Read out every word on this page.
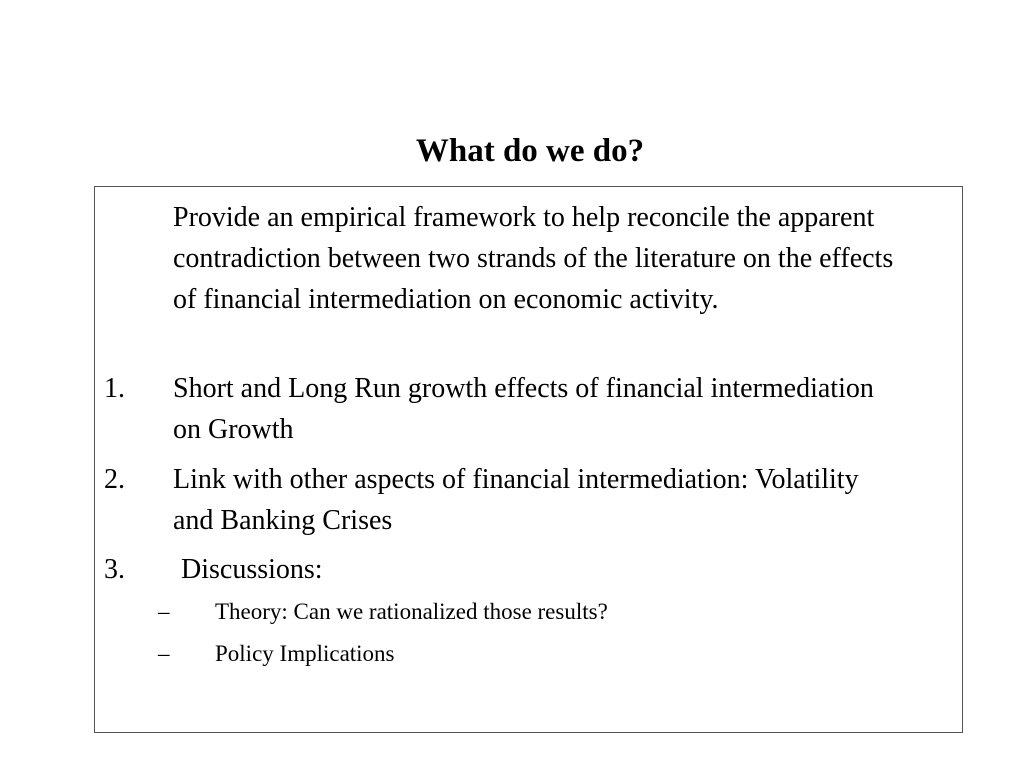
What do we do?
Provide an empirical framework to help reconcile the apparent contradiction between two strands of the literature on the effects of financial intermediation on economic activity.
1. Short and Long Run growth effects of financial intermediation on Growth
2. Link with other aspects of financial intermediation: Volatility and Banking Crises
3. Discussions:
– Theory: Can we rationalized those results?
– Policy Implications
